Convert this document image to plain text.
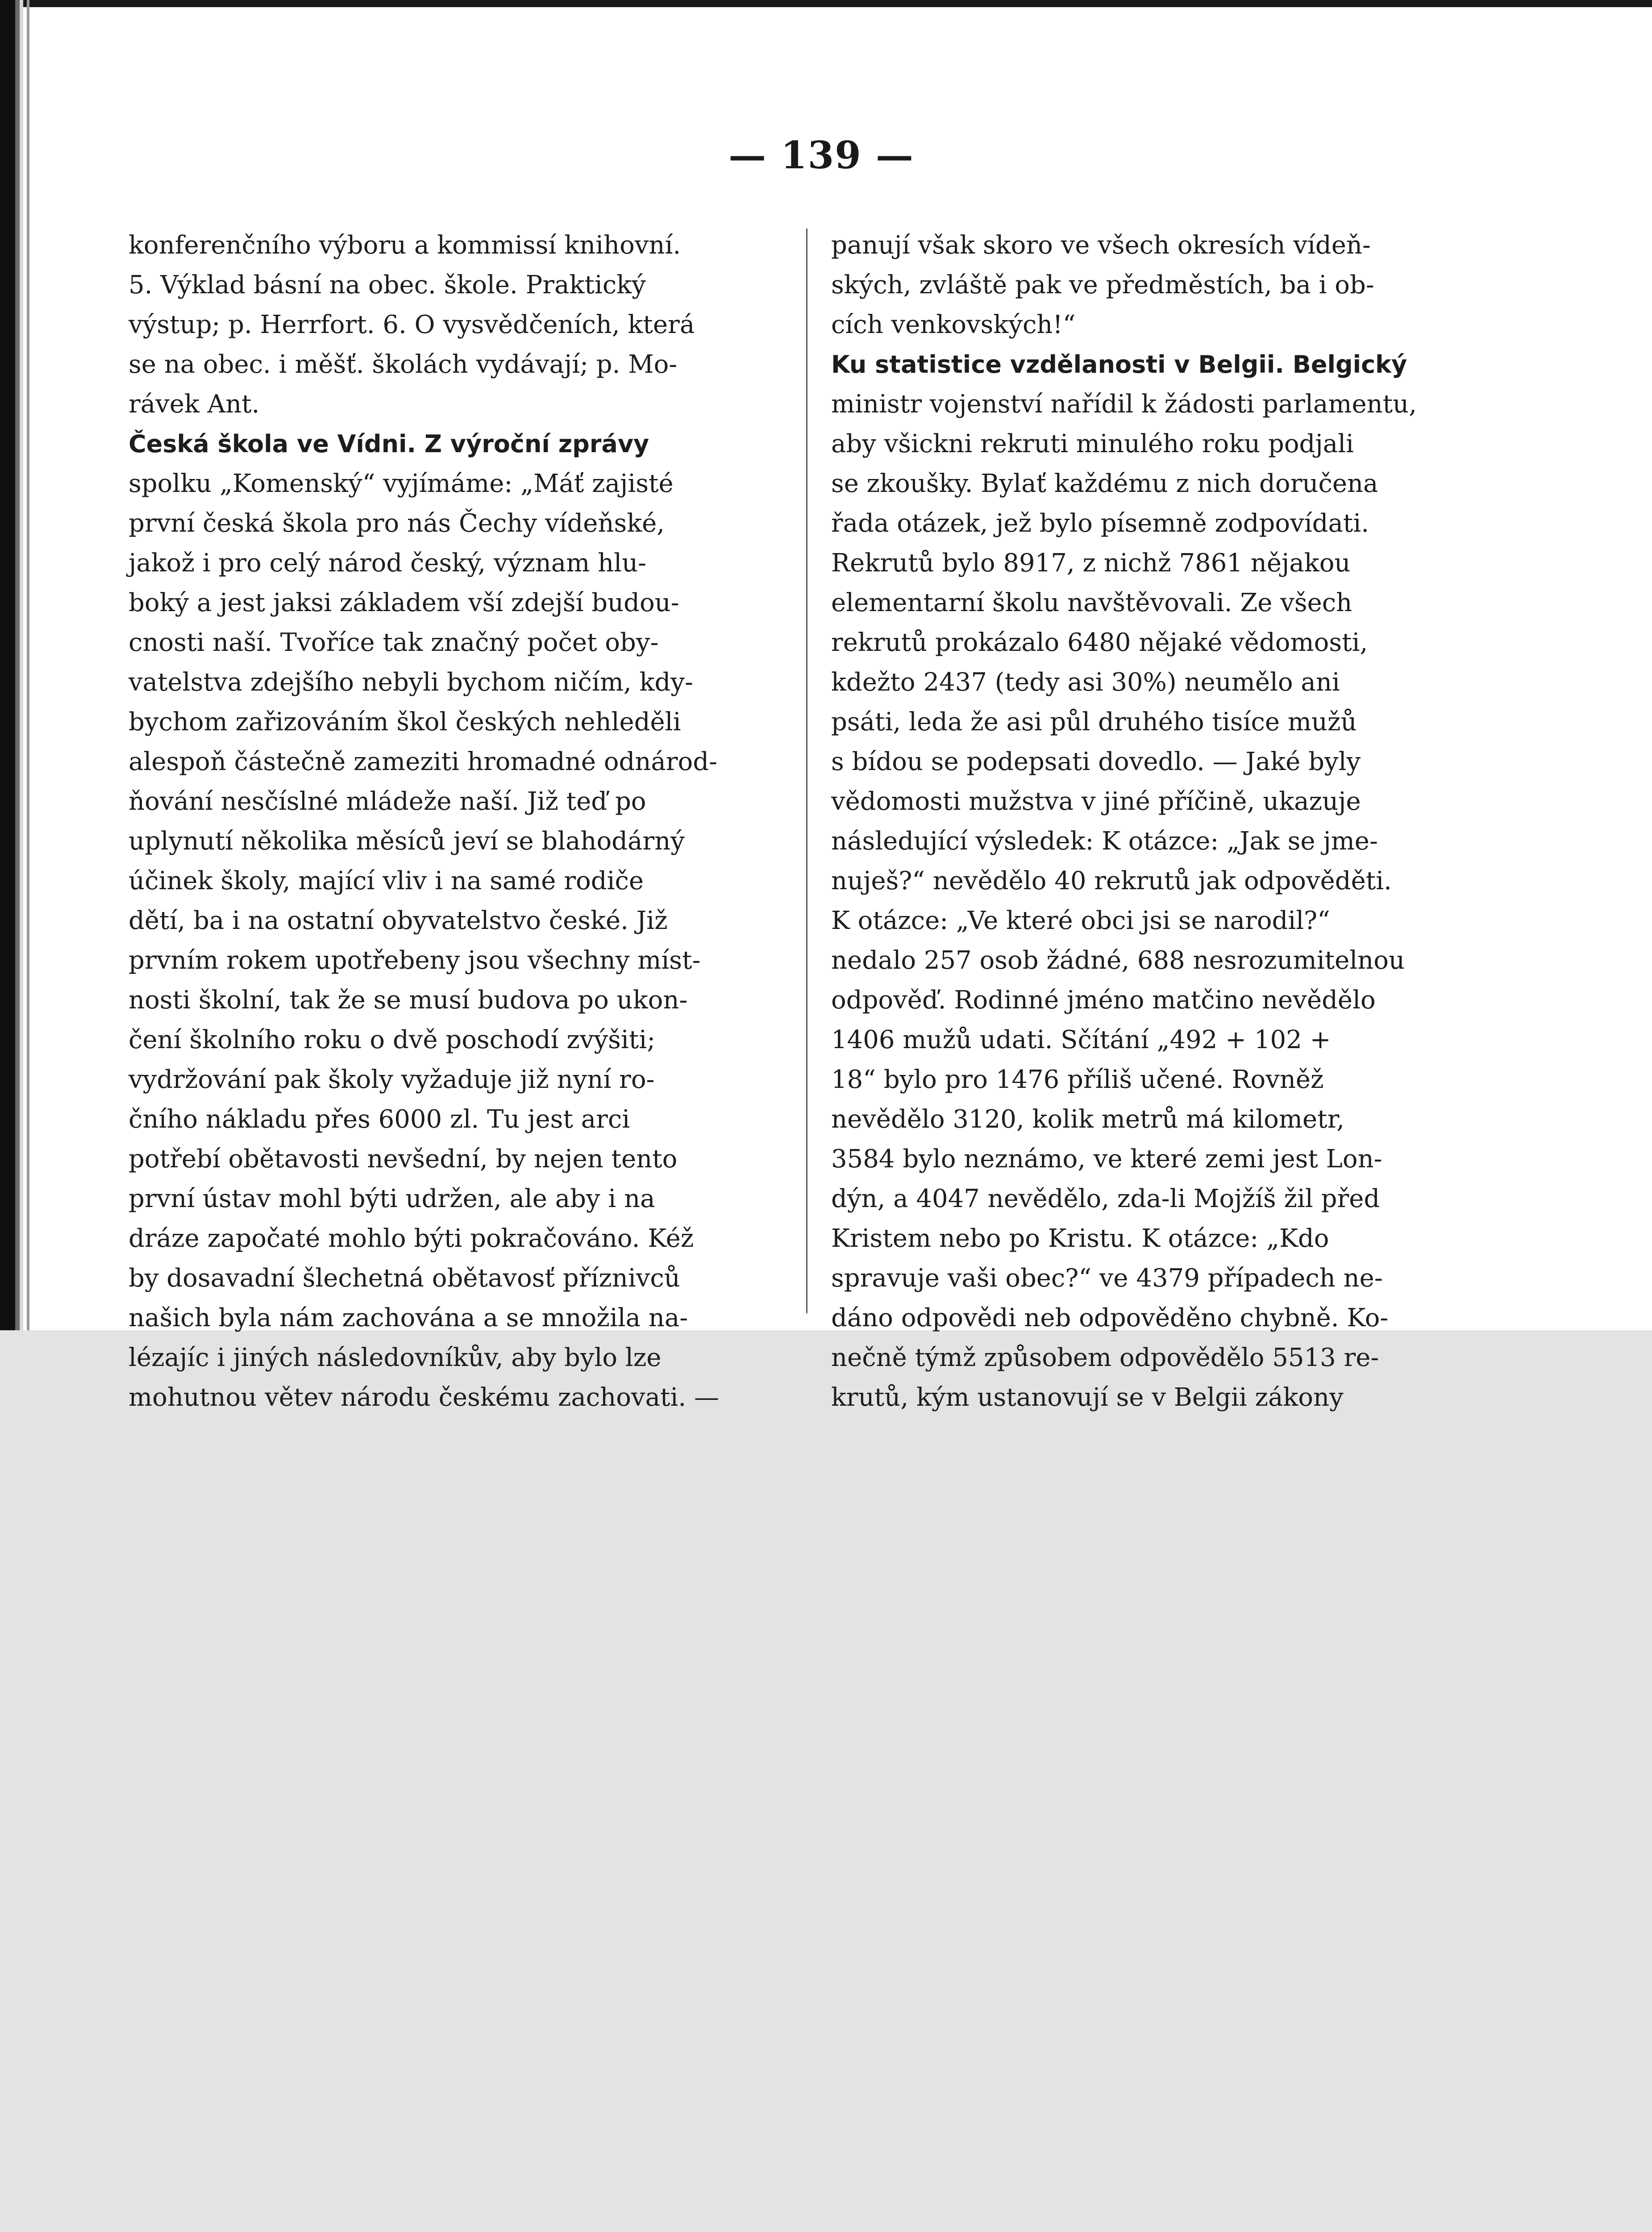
— 139 —
konferenčního výboru a kommissí knihovní.
5. Výklad básní na obec. škole. Praktický
výstup; p. Herrfort. 6. O vysvědčeních, která
se na obec. i měšť. školách vydávají; p. Mo-
rávek Ant.
Česká škola ve Vídni. Z výroční zprávy
spolku „Komenský“ vyjímáme: „Máť zajisté
první česká škola pro nás Čechy vídeňské,
jakož i pro celý národ český, význam hlu-
boký a jest jaksi základem vší zdejší budou-
cnosti naší. Tvoříce tak značný počet oby-
vatelstva zdejšího nebyli bychom ničím, kdy-
bychom zařizováním škol českých nehleděli
alespoň částečně zameziti hromadné odnárod-
ňování nesčíslné mládeže naší. Již teď po
uplynutí několika měsíců jeví se blahodárný
účinek školy, mající vliv i na samé rodiče
dětí, ba i na ostatní obyvatelstvo české. Již
prvním rokem upotřebeny jsou všechny míst-
nosti školní, tak že se musí budova po ukon-
čení školního roku o dvě poschodí zvýšiti;
vydržování pak školy vyžaduje již nyní ro-
čního nákladu přes 6000 zl. Tu jest arci
potřebí obětavosti nevšední, by nejen tento
první ústav mohl býti udržen, ale aby i na
dráze započaté mohlo býti pokračováno. Kéž
by dosavadní šlechetná obětavosť příznivců
našich byla nám zachována a se množila na-
lézajíc i jiných následovníkův, aby bylo lze
mohutnou větev národu českému zachovati. —
panují však skoro ve všech okresích vídeň-
ských, zvláště pak ve předměstích, ba i ob-
cích venkovských!“
Ku statistice vzdělanosti v Belgii. Belgický
ministr vojenství nařídil k žádosti parlamentu,
aby všickni rekruti minulého roku podjali
se zkoušky. Bylať každému z nich doručena
řada otázek, jež bylo písemně zodpovídati.
Rekrutů bylo 8917, z nichž 7861 nějakou
elementarní školu navštěvovali. Ze všech
rekrutů prokázalo 6480 nějaké vědomosti,
kdežto 2437 (tedy asi 30%) neumělo ani
psáti, leda že asi půl druhého tisíce mužů
s bídou se podepsati dovedlo. — Jaké byly
vědomosti mužstva v jiné příčině, ukazuje
následující výsledek: K otázce: „Jak se jme-
nuješ?“ nevědělo 40 rekrutů jak odpověděti.
K otázce: „Ve které obci jsi se narodil?“
nedalo 257 osob žádné, 688 nesrozumitelnou
odpověď. Rodinné jméno matčino nevědělo
1406 mužů udati. Sčítání „492 + 102 +
18“ bylo pro 1476 příliš učené. Rovněž
nevědělo 3120, kolik metrů má kilometr,
3584 bylo neznámo, ve které zemi jest Lon-
dýn, a 4047 nevědělo, zda-li Mojžíš žil před
Kristem nebo po Kristu. K otázce: „Kdo
spravuje vaši obec?“ ve 4379 případech ne-
dáno odpovědi neb odpověděno chybně. Ko-
nečně týmž způsobem odpovědělo 5513 re-
krutů, kým ustanovují se v Belgii zákony
